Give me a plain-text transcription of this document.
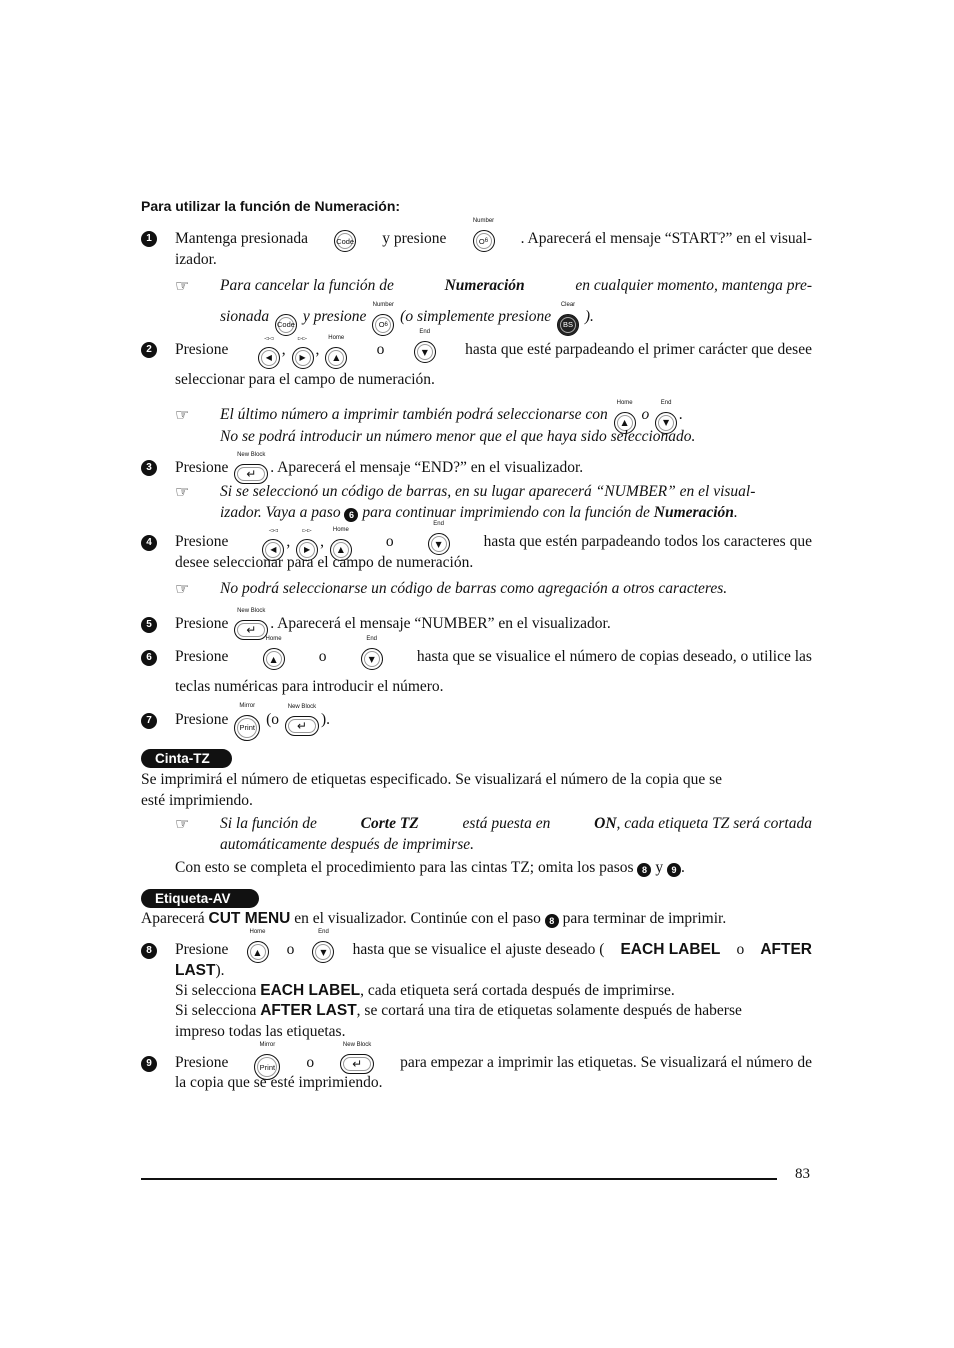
Para utilizar la función de Numeración:
1	Mantenga presionada	Code y presione
Number
O 6 . Aparecerá el mensaje “START?” en el visual-
izador.
☞ Para cancelar la función de	Numeración	en cualquier momento, mantenga pre-
sionada Code y presione
Number
O 6 (o simplemente presione
Clear
BS ).
2	Presione
◅◅
◀ ,
▻▻
▶ ,
Home
▲	o
End
▼	hasta que esté parpadeando el primer carácter que desee
seleccionar para el campo de numeración.
☞ El último número a imprimir también podrá seleccionarse con
Home
▲ o
End
▼ .
No se podrá introducir un número menor que el que haya sido seleccionado.
3	Presione
New Block
↵ . Aparecerá el mensaje “END?” en el visualizador.
☞ Si se seleccionó un código de barras, en su lugar aparecerá “NUMBER” en el visual-
izador. Vaya a paso 6 para continuar imprimiendo con la función de Numeración.
4	Presione
◅◅
◀ ,
▻▻
▶ ,
Home
▲	o
End
▼	hasta que estén parpadeando todos los caracteres que
desee seleccionar para el campo de numeración.
☞ No podrá seleccionarse un código de barras como agregación a otros caracteres.
5	Presione
New Block
↵ . Aparecerá el mensaje “NUMBER” en el visualizador.
6	Presione
Home
▲	o
End
▼	hasta que se visualice el número de copias deseado, o utilice las
teclas numéricas para introducir el número.
7	Presione
Mirror
Print (o
New Block
↵ ).
Cinta-TZ
Se imprimirá el número de etiquetas especificado. Se visualizará el número de la copia que se
esté imprimiendo.
☞ Si la función de	Corte TZ	está puesta en	ON, cada etiqueta TZ será cortada
automáticamente después de imprimirse.
Con esto se completa el procedimiento para las cintas TZ; omita los pasos 8 y 9 .
Etiqueta-AV
Aparecerá CUT MENU en el visualizador. Continúe con el paso 8 para terminar de imprimir.
8	Presione
Home
▲	o
End
▼	hasta que se visualice el ajuste deseado ( EACH LABEL o AFTER
LAST).
Si selecciona EACH LABEL, cada etiqueta será cortada después de imprimirse.
Si selecciona AFTER LAST, se cortará una tira de etiquetas solamente después de haberse
impreso todas las etiquetas.
9	Presione
Mirror
Print	o
New Block
↵	para empezar a imprimir las etiquetas. Se visualizará el número de
la copia que se esté imprimiendo.
83
